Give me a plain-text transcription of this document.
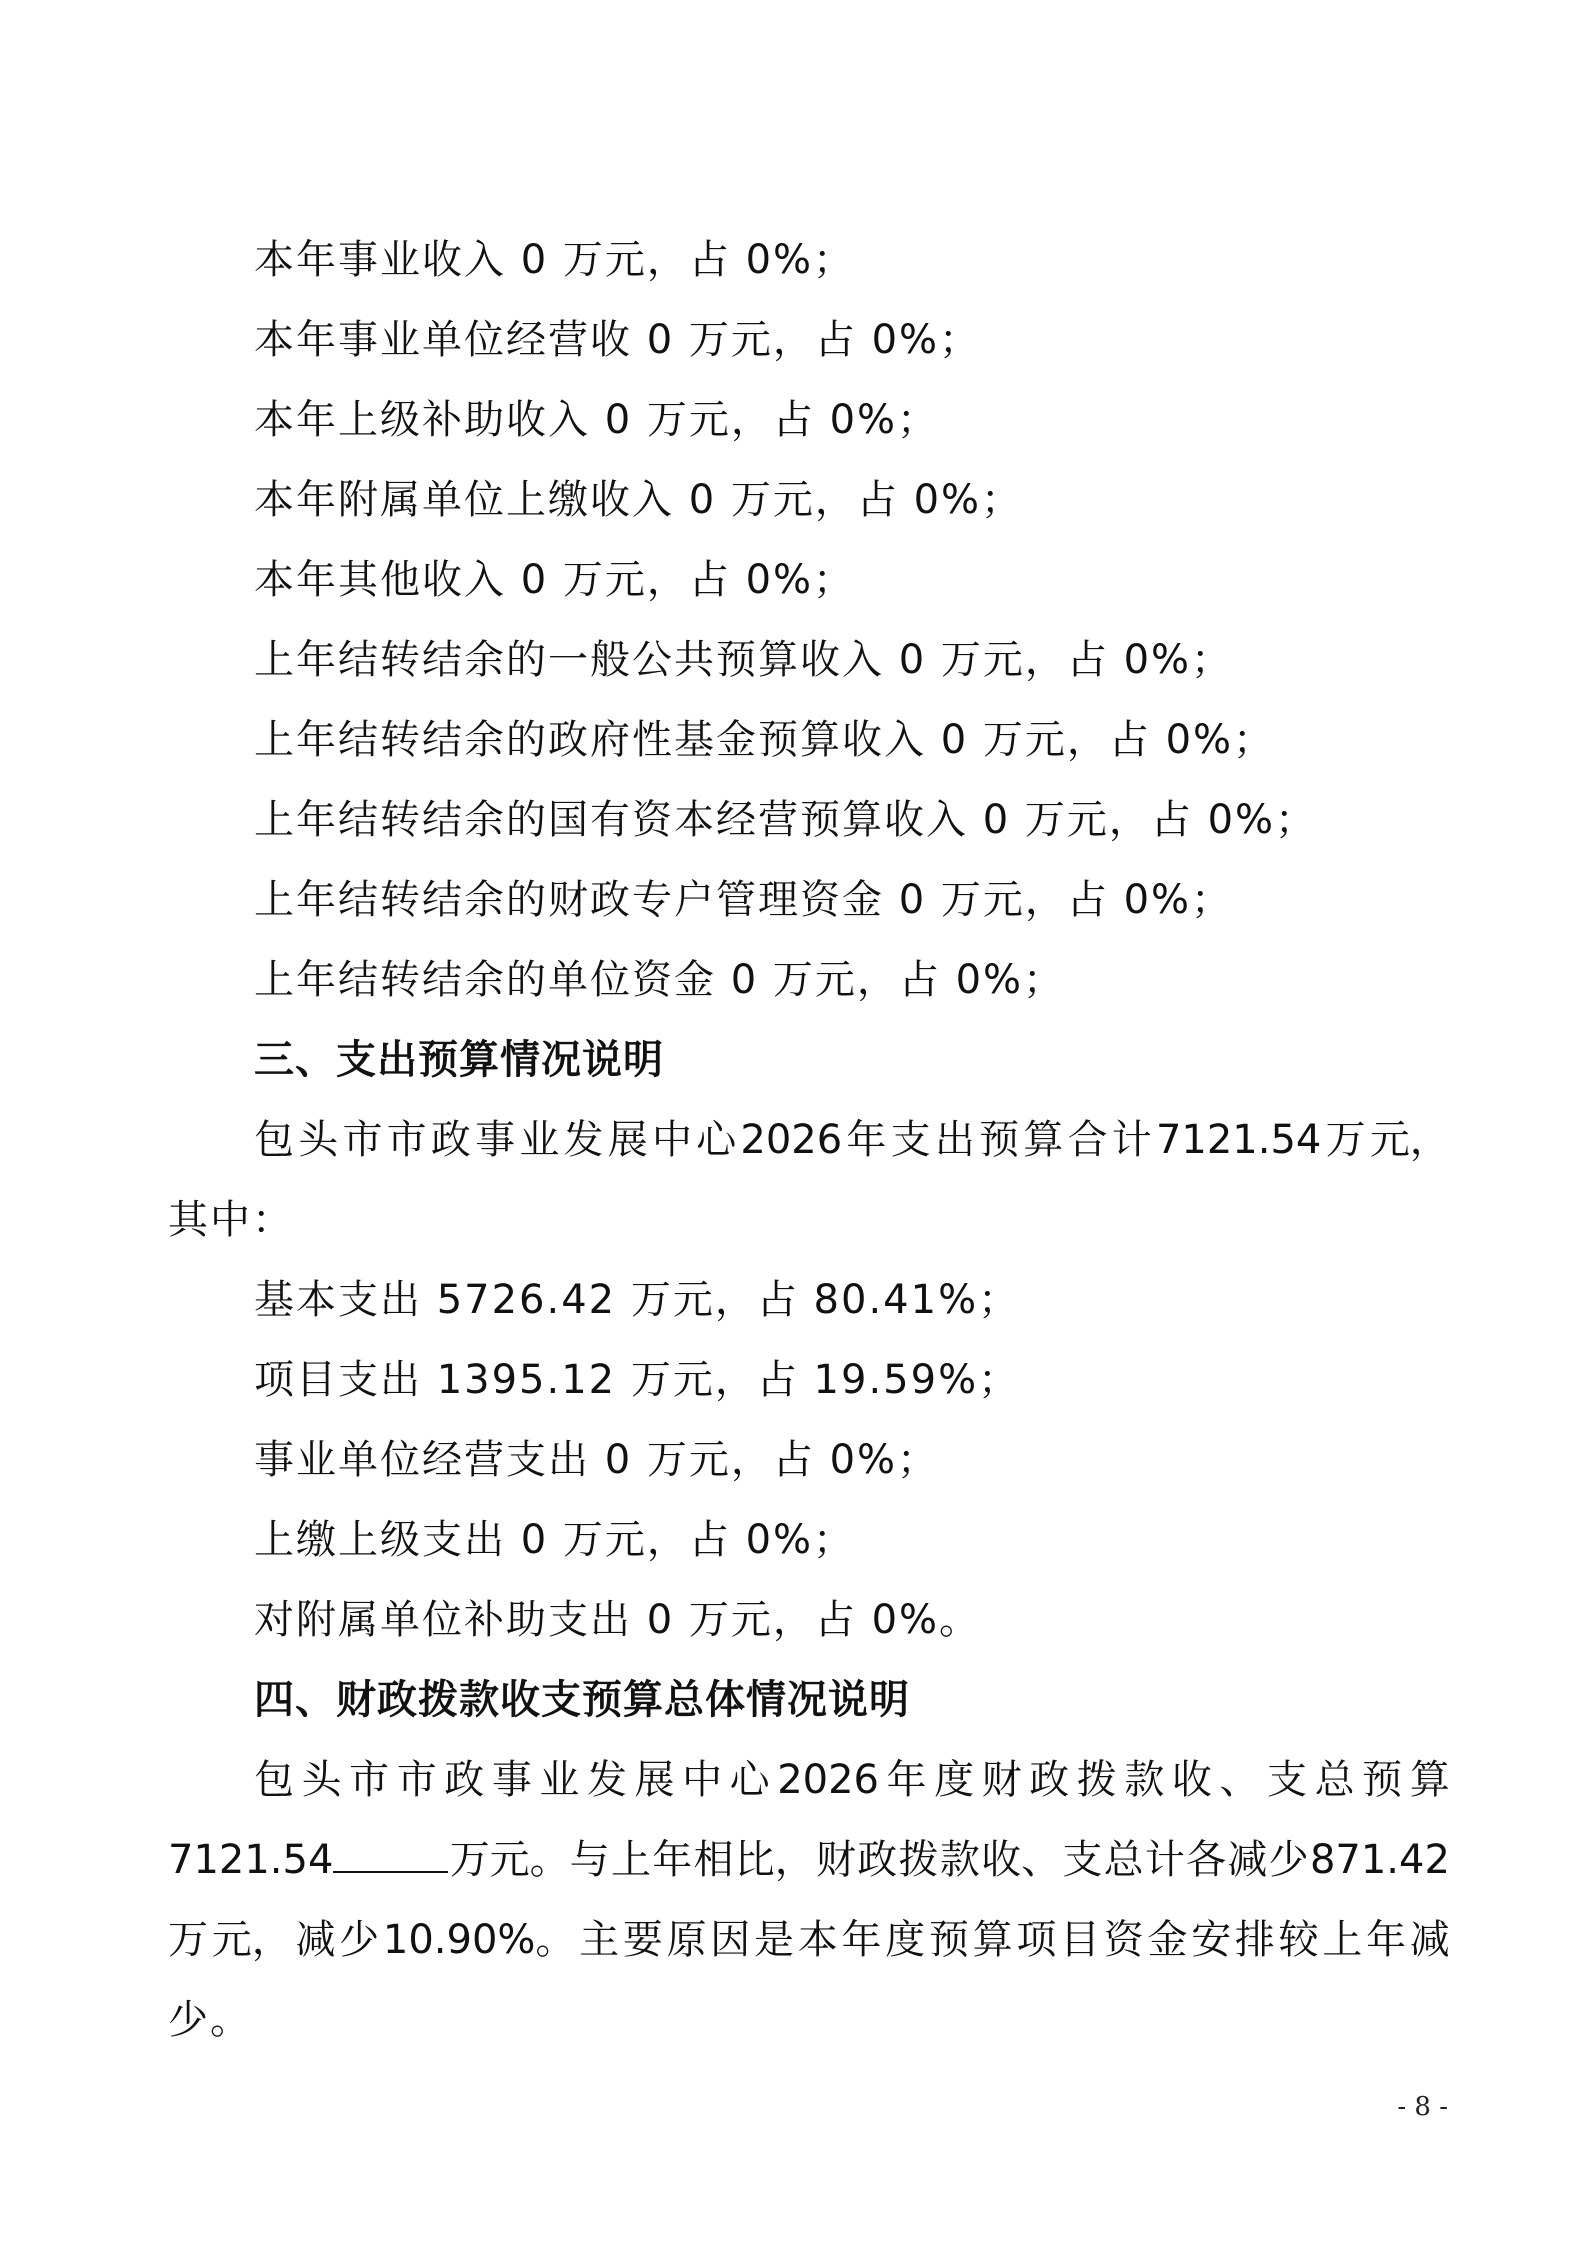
本年事业收入 0 万元，占 0%；
本年事业单位经营收 0 万元，占 0%；
本年上级补助收入 0 万元，占 0%；
本年附属单位上缴收入 0 万元，占 0%；
本年其他收入 0 万元，占 0%；
上年结转结余的一般公共预算收入 0 万元，占 0%；
上年结转结余的政府性基金预算收入 0 万元，占 0%；
上年结转结余的国有资本经营预算收入 0 万元，占 0%；
上年结转结余的财政专户管理资金 0 万元，占 0%；
上年结转结余的单位资金 0 万元，占 0%；
三、支出预算情况说明
包 头 市 市 政 事 业 发 展 中 心 2026 年 支 出 预 算 合 计 7121.54 万 元，
其中：
基本支出 5726.42 万元，占 80.41%；
项目支出 1395.12 万元，占 19.59%；
事业单位经营支出 0 万元，占 0%；
上缴上级支出 0 万元，占 0%；
对附属单位补助支出 0 万元，占 0%。
四、财政拨款收支预算总体情况说明
包 头 市 市 政 事 业 发 展 中 心 2026 年 度 财 政 拨 款 收 、 支 总 预 算
7121.54	万元。与 上 年 相 比， 财 政 拨 款 收、 支 总 计 各 减 少 871.42
万 元， 减 少 10.90%。 主 要 原 因 是 本 年 度 预 算 项 目 资 金 安 排 较 上 年 减
少。
- 8 -
